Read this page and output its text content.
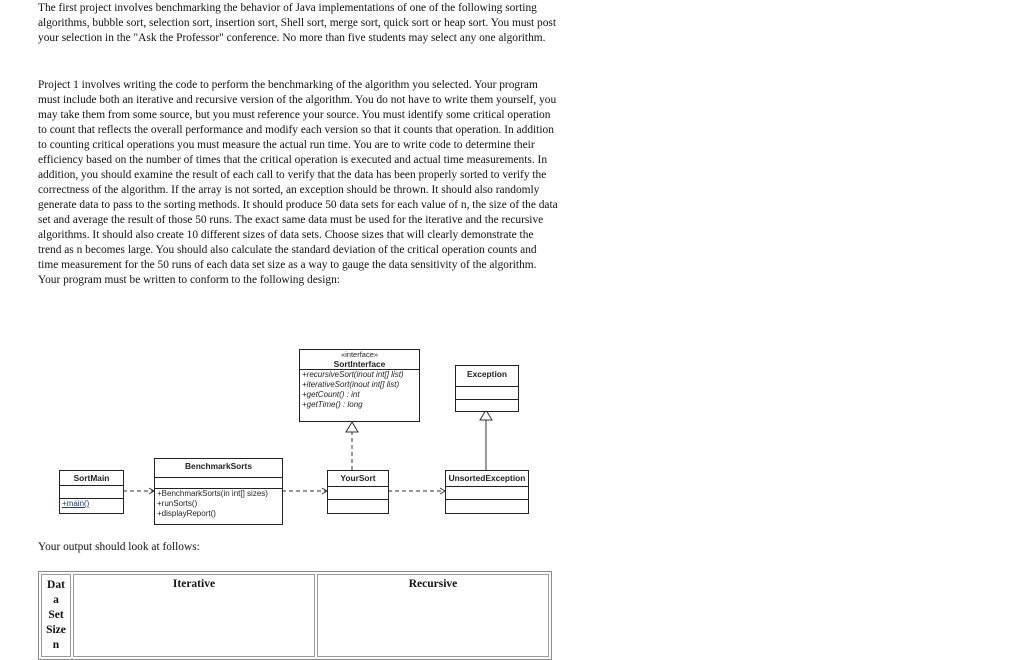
The first project involves benchmarking the behavior of Java implementations of one of the following sorting algorithms, bubble sort, selection sort, insertion sort, Shell sort, merge sort, quick sort or heap sort. You must post your selection in the "Ask the Professor" conference. No more than five students may select any one algorithm.

Project 1 involves writing the code to perform the benchmarking of the algorithm you selected. Your program must include both an iterative and recursive version of the algorithm. You do not have to write them yourself, you may take them from some source, but you must reference your source. You must identify some critical operation to count that reflects the overall performance and modify each version so that it counts that operation. In addition to counting critical operations you must measure the actual run time. You are to write code to determine their efficiency based on the number of times that the critical operation is executed and actual time measurements. In addition, you should examine the result of each call to verify that the data has been properly sorted to verify the correctness of the algorithm. If the array is not sorted, an exception should be thrown. It should also randomly generate data to pass to the sorting methods. It should produce 50 data sets for each value of n, the size of the data set and average the result of those 50 runs. The exact same data must be used for the iterative and the recursive algorithms. It should also create 10 different sizes of data sets. Choose sizes that will clearly demonstrate the trend as n becomes large. You should also calculate the standard deviation of the critical operation counts and time measurement for the 50 runs of each data set size as a way to gauge the data sensitivity of the algorithm. Your program must be written to conform to the following design:

«interface»
SortInterface
+recursiveSort(inout int[] list)
+iterativeSort(inout int[] list)
+getCount() : int
+getTime() : long
Exception
SortMain
+main()
BenchmarkSorts
+BenchmarkSorts(in int[] sizes)
+runSorts()
+displayReport()
YourSort	UnsortedException

Your output should look at follows:

Dat
a
Set
Size
n
	Iterative	Recursive
